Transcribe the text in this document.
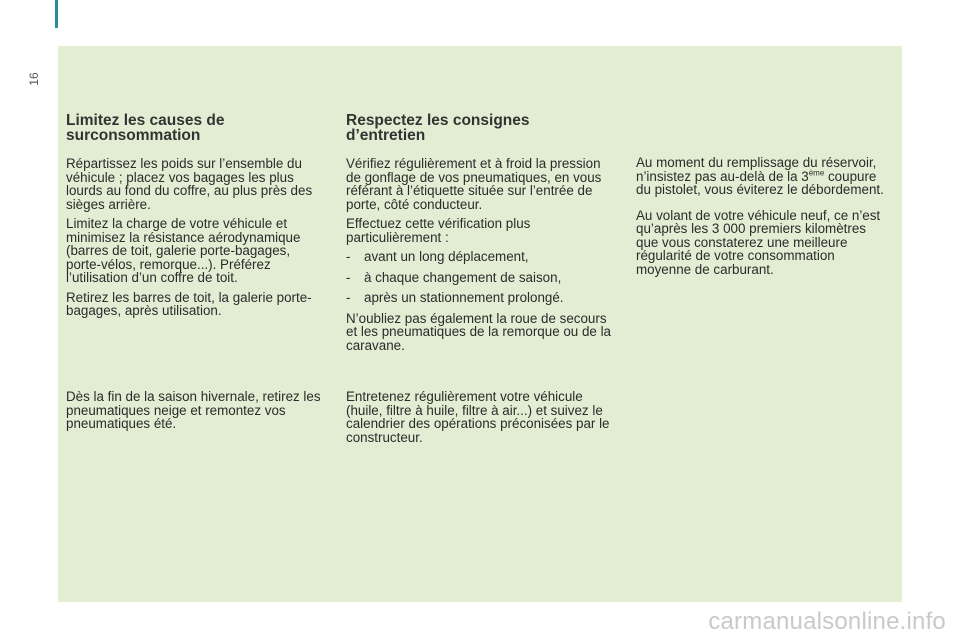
16
Limitez les causes de surconsommation

Répartissez les poids sur l’ensemble du véhicule ; placez vos bagages les plus lourds au fond du coffre, au plus près des sièges arrière.

Limitez la charge de votre véhicule et minimisez la résistance aérodynamique (barres de toit, galerie porte-bagages, porte-vélos, remorque...). Préférez l’utilisation d’un coffre de toit.

Retirez les barres de toit, la galerie porte-bagages, après utilisation.

Dès la fin de la saison hivernale, retirez les pneumatiques neige et remontez vos pneumatiques été.

Respectez les consignes d’entretien

Vérifiez régulièrement et à froid la pression de gonflage de vos pneumatiques, en vous référant à l’étiquette située sur l’entrée de porte, côté conducteur.

Effectuez cette vérification plus particulièrement :

- avant un long déplacement,
- à chaque changement de saison,
- après un stationnement prolongé.

N’oubliez pas également la roue de secours et les pneumatiques de la remorque ou de la caravane.

Entretenez régulièrement votre véhicule (huile, filtre à huile, filtre à air...) et suivez le calendrier des opérations préconisées par le constructeur.

Au moment du remplissage du réservoir, n’insistez pas au-delà de la 3ème coupure du pistolet, vous éviterez le débordement.

Au volant de votre véhicule neuf, ce n’est qu’après les 3 000 premiers kilomètres que vous constaterez une meilleure régularité de votre consommation moyenne de carburant.

carmanualsonline.info
